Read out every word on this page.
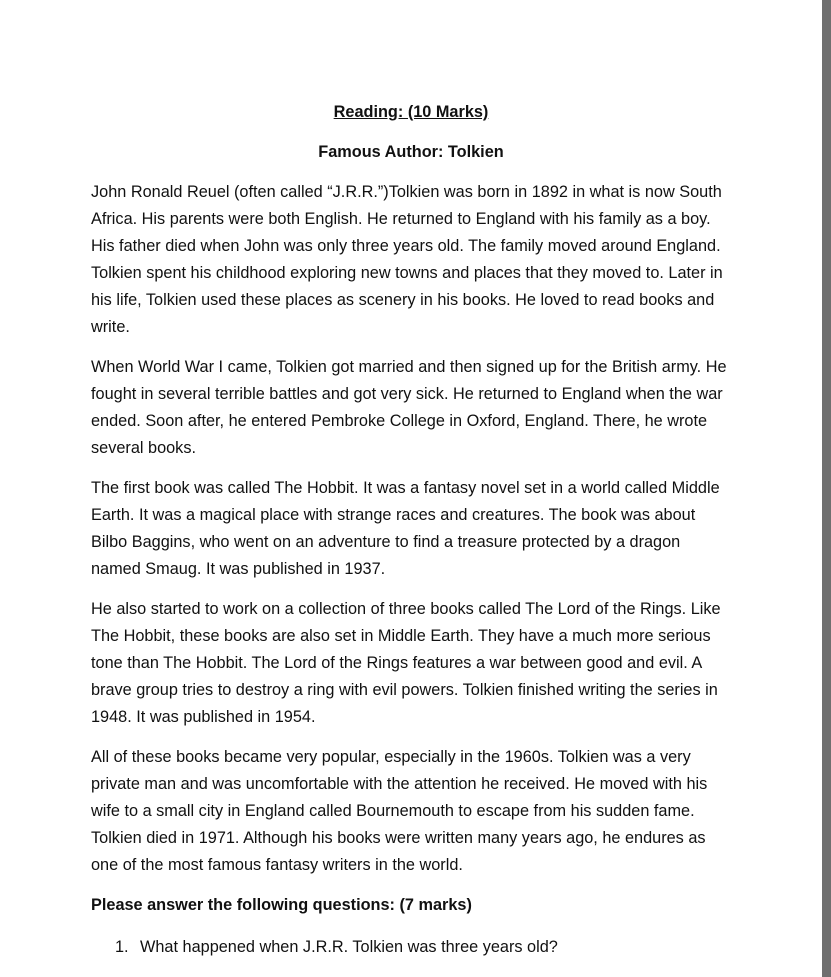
Reading: (10 Marks)
Famous Author: Tolkien

John Ronald Reuel (often called “J.R.R.”)Tolkien was born in 1892 in what is now South Africa. His parents were both English. He returned to England with his family as a boy. His father died when John was only three years old. The family moved around England. Tolkien spent his childhood exploring new towns and places that they moved to. Later in his life, Tolkien used these places as scenery in his books. He loved to read books and write.

When World War I came, Tolkien got married and then signed up for the British army. He fought in several terrible battles and got very sick. He returned to England when the war ended. Soon after, he entered Pembroke College in Oxford, England. There, he wrote several books.

The first book was called The Hobbit. It was a fantasy novel set in a world called Middle Earth. It was a magical place with strange races and creatures. The book was about Bilbo Baggins, who went on an adventure to find a treasure protected by a dragon named Smaug. It was published in 1937.

He also started to work on a collection of three books called The Lord of the Rings. Like The Hobbit, these books are also set in Middle Earth. They have a much more serious tone than The Hobbit. The Lord of the Rings features a war between good and evil. A brave group tries to destroy a ring with evil powers. Tolkien finished writing the series in 1948. It was published in 1954.

All of these books became very popular, especially in the 1960s. Tolkien was a very private man and was uncomfortable with the attention he received. He moved with his wife to a small city in England called Bournemouth to escape from his sudden fame. Tolkien died in 1971. Although his books were written many years ago, he endures as one of the most famous fantasy writers in the world.

Please answer the following questions: (7 marks)
1. What happened when J.R.R. Tolkien was three years old?
